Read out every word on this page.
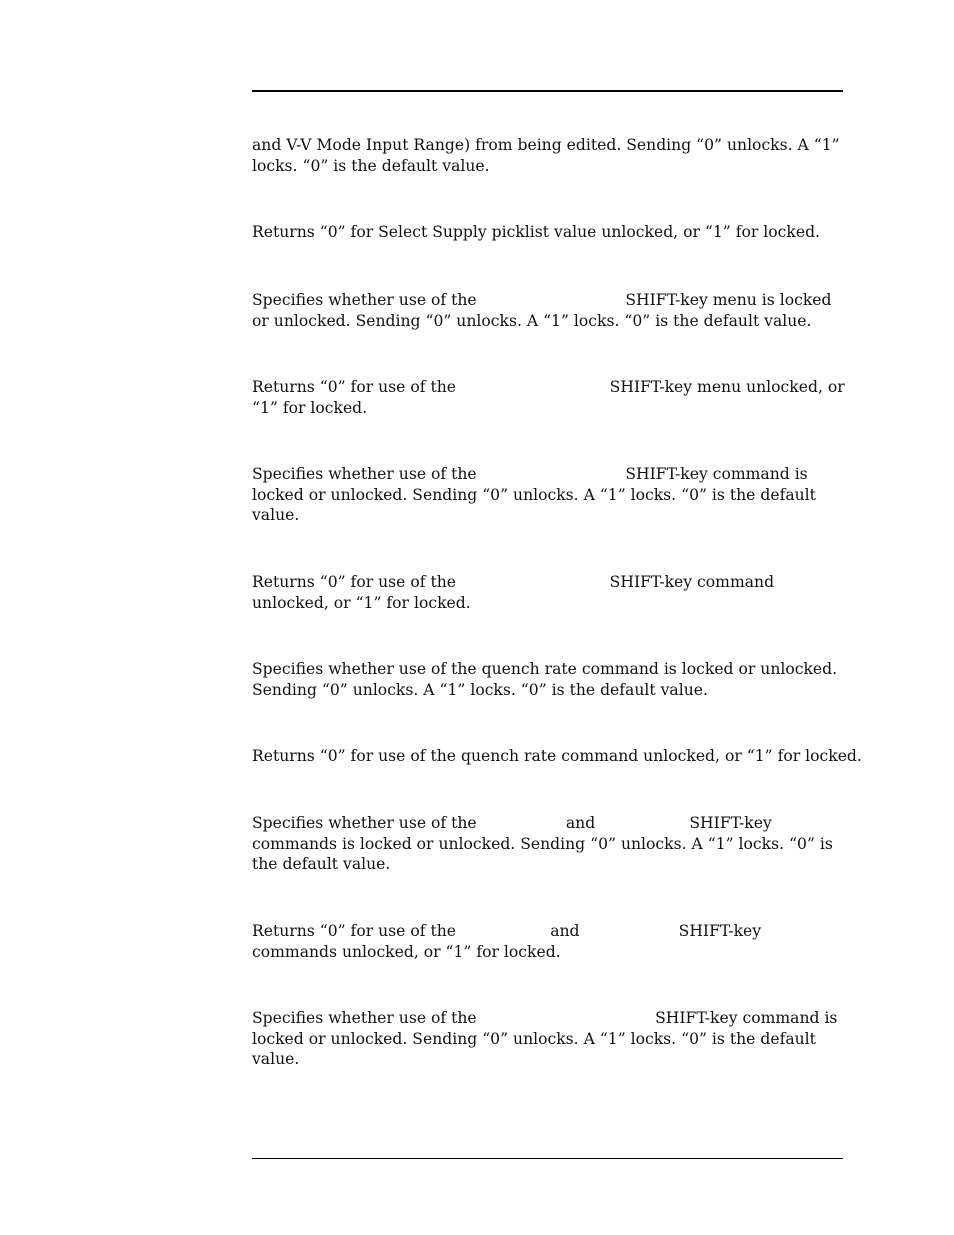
and V-V Mode Input Range) from being edited. Sending “0” unlocks. A “1”
locks. “0” is the default value.
Returns “0” for Select Supply picklist value unlocked, or “1” for locked.
Specifies whether use of the                              SHIFT-key menu is locked
or unlocked. Sending “0” unlocks. A “1” locks. “0” is the default value.
Returns “0” for use of the                               SHIFT-key menu unlocked, or
“1” for locked.
Specifies whether use of the                              SHIFT-key command is
locked or unlocked. Sending “0” unlocks. A “1” locks. “0” is the default
value.
Returns “0” for use of the                               SHIFT-key command
unlocked, or “1” for locked.
Specifies whether use of the quench rate command is locked or unlocked.
Sending “0” unlocks. A “1” locks. “0” is the default value.
Returns “0” for use of the quench rate command unlocked, or “1” for locked.
Specifies whether use of the                  and                   SHIFT-key
commands is locked or unlocked. Sending “0” unlocks. A “1” locks. “0” is
the default value.
Returns “0” for use of the                   and                    SHIFT-key
commands unlocked, or “1” for locked.
Specifies whether use of the                                    SHIFT-key command is
locked or unlocked. Sending “0” unlocks. A “1” locks. “0” is the default
value.
